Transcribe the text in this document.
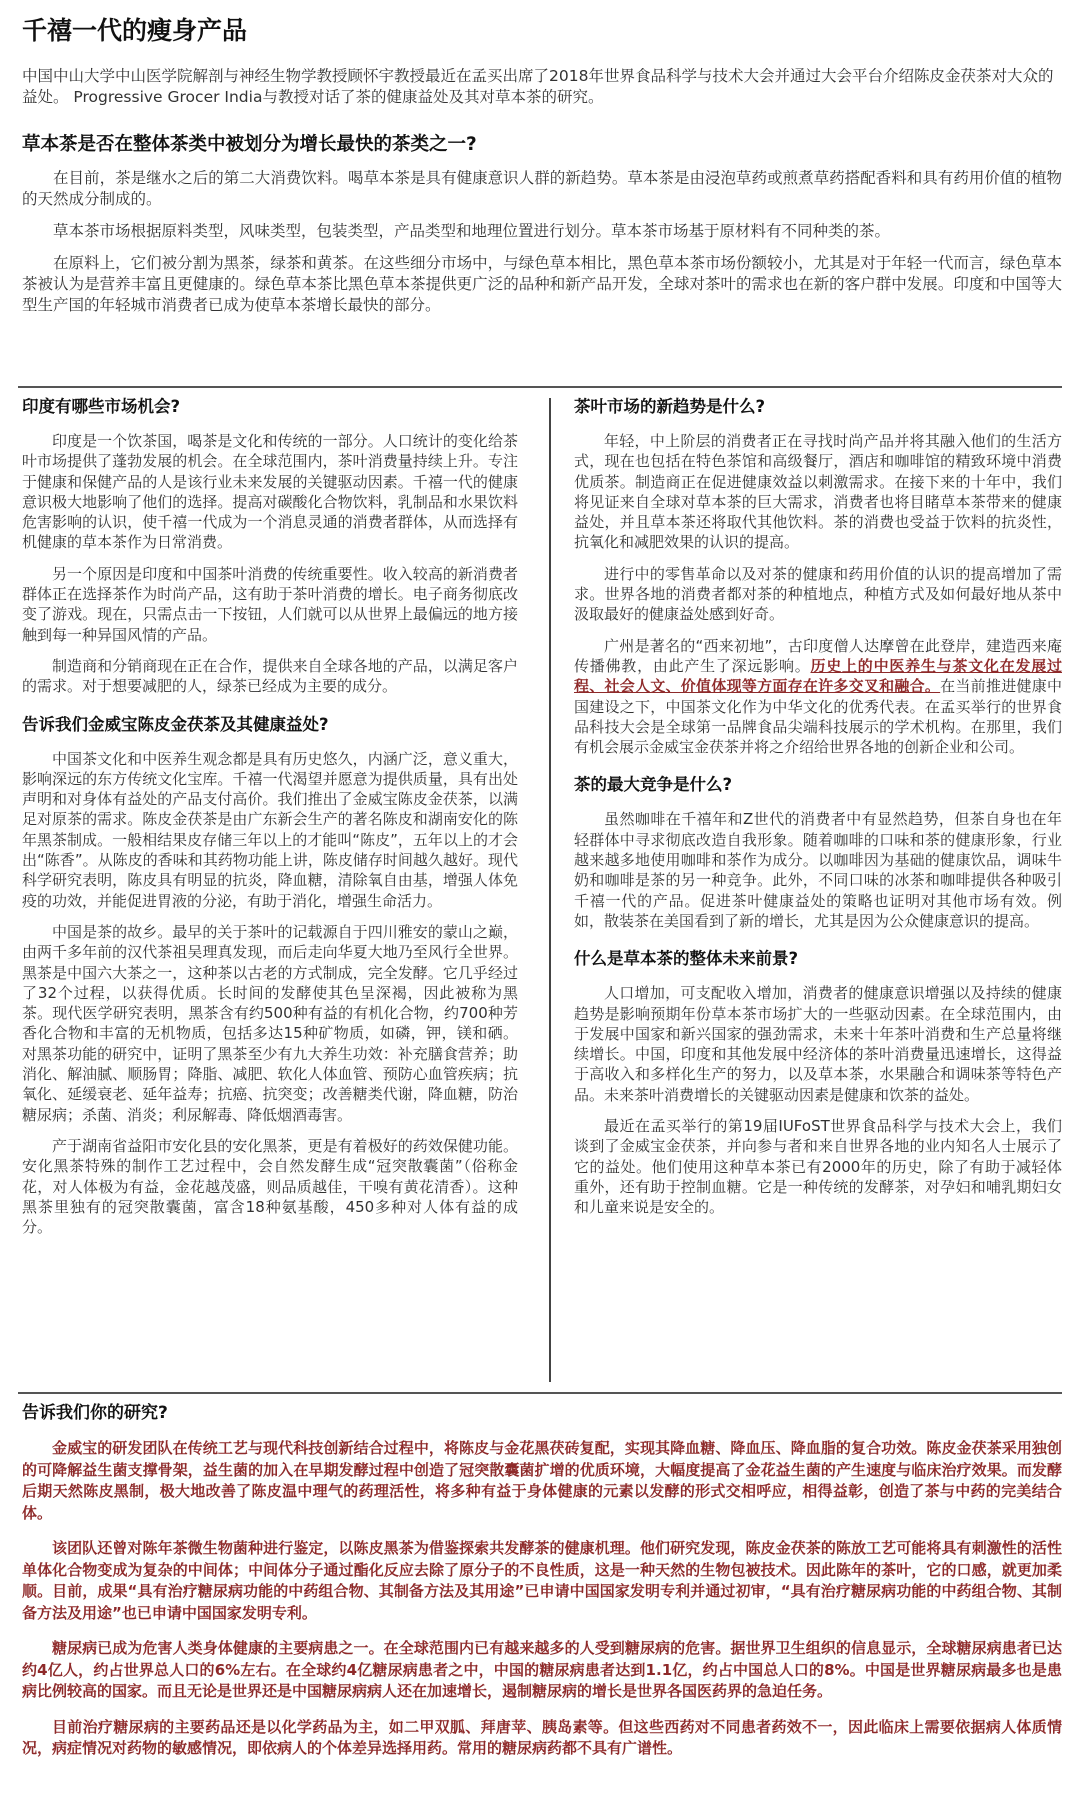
千禧一代的瘦身产品

中国中山大学中山医学院解剖与神经生物学教授顾怀宇教授最近在孟买出席了2018年世界食品科学与技术大会并通过大会平台介绍陈皮金茯茶对大众的益处。 Progressive Grocer India与教授对话了茶的健康益处及其对草本茶的研究。

草本茶是否在整体茶类中被划分为增长最快的茶类之一?

在目前，茶是继水之后的第二大消费饮料。喝草本茶是具有健康意识人群的新趋势。草本茶是由浸泡草药或煎煮草药搭配香料和具有药用价值的植物的天然成分制成的。

草本茶市场根据原料类型，风味类型，包装类型，产品类型和地理位置进行划分。草本茶市场基于原材料有不同种类的茶。

在原料上，它们被分割为黑茶，绿茶和黄茶。在这些细分市场中，与绿色草本相比，黑色草本茶市场份额较小，尤其是对于年轻一代而言，绿色草本茶被认为是营养丰富且更健康的。绿色草本茶比黑色草本茶提供更广泛的品种和新产品开发，全球对茶叶的需求也在新的客户群中发展。印度和中国等大型生产国的年轻城市消费者已成为使草本茶增长最快的部分。

印度有哪些市场机会?

印度是一个饮茶国，喝茶是文化和传统的一部分。人口统计的变化给茶叶市场提供了蓬勃发展的机会。在全球范围内，茶叶消费量持续上升。专注于健康和保健产品的人是该行业未来发展的关键驱动因素。千禧一代的健康意识极大地影响了他们的选择。提高对碳酸化合物饮料，乳制品和水果饮料危害影响的认识，使千禧一代成为一个消息灵通的消费者群体，从而选择有机健康的草本茶作为日常消费。

另一个原因是印度和中国茶叶消费的传统重要性。收入较高的新消费者群体正在选择茶作为时尚产品，这有助于茶叶消费的增长。电子商务彻底改变了游戏。现在，只需点击一下按钮，人们就可以从世界上最偏远的地方接触到每一种异国风情的产品。

制造商和分销商现在正在合作，提供来自全球各地的产品，以满足客户的需求。对于想要减肥的人，绿茶已经成为主要的成分。

告诉我们金威宝陈皮金茯茶及其健康益处?

中国茶文化和中医养生观念都是具有历史悠久，内涵广泛，意义重大，影响深远的东方传统文化宝库。千禧一代渴望并愿意为提供质量，具有出处声明和对身体有益处的产品支付高价。我们推出了金威宝陈皮金茯茶，以满足对原茶的需求。陈皮金茯茶是由广东新会生产的著名陈皮和湖南安化的陈年黑茶制成。一般相结果皮存储三年以上的才能叫“陈皮”，五年以上的才会出“陈香”。从陈皮的香味和其药物功能上讲，陈皮储存时间越久越好。现代科学研究表明，陈皮具有明显的抗炎，降血糖，清除氧自由基，增强人体免疫的功效，并能促进胃液的分泌，有助于消化，增强生命活力。

中国是茶的故乡。最早的关于茶叶的记载源自于四川雅安的蒙山之巅，由两千多年前的汉代茶祖吴理真发现，而后走向华夏大地乃至风行全世界。黑茶是中国六大茶之一，这种茶以古老的方式制成，完全发酵。它几乎经过了32个过程，以获得优质。长时间的发酵使其色呈深褐，因此被称为黑茶。现代医学研究表明，黑茶含有约500种有益的有机化合物，约700种芳香化合物和丰富的无机物质，包括多达15种矿物质，如磷，钾，镁和硒。对黑茶功能的研究中，证明了黑茶至少有九大养生功效：补充膳食营养；助消化、解油腻、顺肠胃；降脂、减肥、软化人体血管、预防心血管疾病；抗氧化、延缓衰老、延年益寿；抗癌、抗突变；改善糖类代谢，降血糖，防治糖尿病；杀菌、消炎；利尿解毒、降低烟酒毒害。

产于湖南省益阳市安化县的安化黑茶，更是有着极好的药效保健功能。安化黑茶特殊的制作工艺过程中，会自然发酵生成“冠突散囊菌”（俗称金花，对人体极为有益，金花越茂盛，则品质越佳，干嗅有黄花清香）。这种黑茶里独有的冠突散囊菌，富含18种氨基酸，450多种对人体有益的成分。

茶叶市场的新趋势是什么?

年轻，中上阶层的消费者正在寻找时尚产品并将其融入他们的生活方式，现在也包括在特色茶馆和高级餐厅，酒店和咖啡馆的精致环境中消费优质茶。制造商正在促进健康效益以刺激需求。在接下来的十年中，我们将见证来自全球对草本茶的巨大需求，消费者也将目睹草本茶带来的健康益处，并且草本茶还将取代其他饮料。茶的消费也受益于饮料的抗炎性，抗氧化和减肥效果的认识的提高。

进行中的零售革命以及对茶的健康和药用价值的认识的提高增加了需求。世界各地的消费者都对茶的种植地点，种植方式及如何最好地从茶中汲取最好的健康益处感到好奇。

广州是著名的“西来初地”，古印度僧人达摩曾在此登岸，建造西来庵传播佛教，由此产生了深远影响。历史上的中医养生与茶文化在发展过程、社会人文、价值体现等方面存在许多交叉和融合。在当前推进健康中国建设之下，中国茶文化作为中华文化的优秀代表。在孟买举行的世界食品科技大会是全球第一品牌食品尖端科技展示的学术机构。在那里，我们有机会展示金威宝金茯茶并将之介绍给世界各地的创新企业和公司。

茶的最大竞争是什么?

虽然咖啡在千禧年和Z世代的消费者中有显然趋势，但茶自身也在年轻群体中寻求彻底改造自我形象。随着咖啡的口味和茶的健康形象，行业越来越多地使用咖啡和茶作为成分。以咖啡因为基础的健康饮品，调味牛奶和咖啡是茶的另一种竞争。此外，不同口味的冰茶和咖啡提供各种吸引千禧一代的产品。促进茶叶健康益处的策略也证明对其他市场有效。例如，散装茶在美国看到了新的增长，尤其是因为公众健康意识的提高。

什么是草本茶的整体未来前景?

人口增加，可支配收入增加，消费者的健康意识增强以及持续的健康趋势是影响预期年份草本茶市场扩大的一些驱动因素。在全球范围内，由于发展中国家和新兴国家的强劲需求，未来十年茶叶消费和生产总量将继续增长。中国，印度和其他发展中经济体的茶叶消费量迅速增长，这得益于高收入和多样化生产的努力，以及草本茶，水果融合和调味茶等特色产品。未来茶叶消费增长的关键驱动因素是健康和饮茶的益处。

最近在孟买举行的第19届IUFoST世界食品科学与技术大会上，我们谈到了金威宝金茯茶，并向参与者和来自世界各地的业内知名人士展示了它的益处。他们使用这种草本茶已有2000年的历史，除了有助于减轻体重外，还有助于控制血糖。它是一种传统的发酵茶，对孕妇和哺乳期妇女和儿童来说是安全的。

告诉我们你的研究?

金威宝的研发团队在传统工艺与现代科技创新结合过程中，将陈皮与金花黑茯砖复配，实现其降血糖、降血压、降血脂的复合功效。陈皮金茯茶采用独创的可降解益生菌支撑骨架，益生菌的加入在早期发酵过程中创造了冠突散囊菌扩增的优质环境，大幅度提高了金花益生菌的产生速度与临床治疗效果。而发酵后期天然陈皮黑制，极大地改善了陈皮温中理气的药理活性，将多种有益于身体健康的元素以发酵的形式交相呼应，相得益彰，创造了茶与中药的完美结合体。

该团队还曾对陈年茶微生物菌种进行鉴定，以陈皮黑茶为借鉴探索共发酵茶的健康机理。他们研究发现，陈皮金茯茶的陈放工艺可能将具有刺激性的活性单体化合物变成为复杂的中间体；中间体分子通过酯化反应去除了原分子的不良性质，这是一种天然的生物包被技术。因此陈年的茶叶，它的口感，就更加柔顺。目前，成果“具有治疗糖尿病功能的中药组合物、其制备方法及其用途”已申请中国国家发明专利并通过初审，“具有治疗糖尿病功能的中药组合物、其制备方法及用途”也已申请中国国家发明专利。

糖尿病已成为危害人类身体健康的主要病患之一。在全球范围内已有越来越多的人受到糖尿病的危害。据世界卫生组织的信息显示，全球糖尿病患者已达约4亿人，约占世界总人口的6%左右。在全球约4亿糖尿病患者之中，中国的糖尿病患者达到1.1亿，约占中国总人口的8%。中国是世界糖尿病最多也是患病比例较高的国家。而且无论是世界还是中国糖尿病病人还在加速增长，遏制糖尿病的增长是世界各国医药界的急迫任务。

目前治疗糖尿病的主要药品还是以化学药品为主，如二甲双胍、拜唐苹、胰岛素等。但这些西药对不同患者药效不一，因此临床上需要依据病人体质情况，病症情况对药物的敏感情况，即依病人的个体差异选择用药。常用的糖尿病药都不具有广谱性。
